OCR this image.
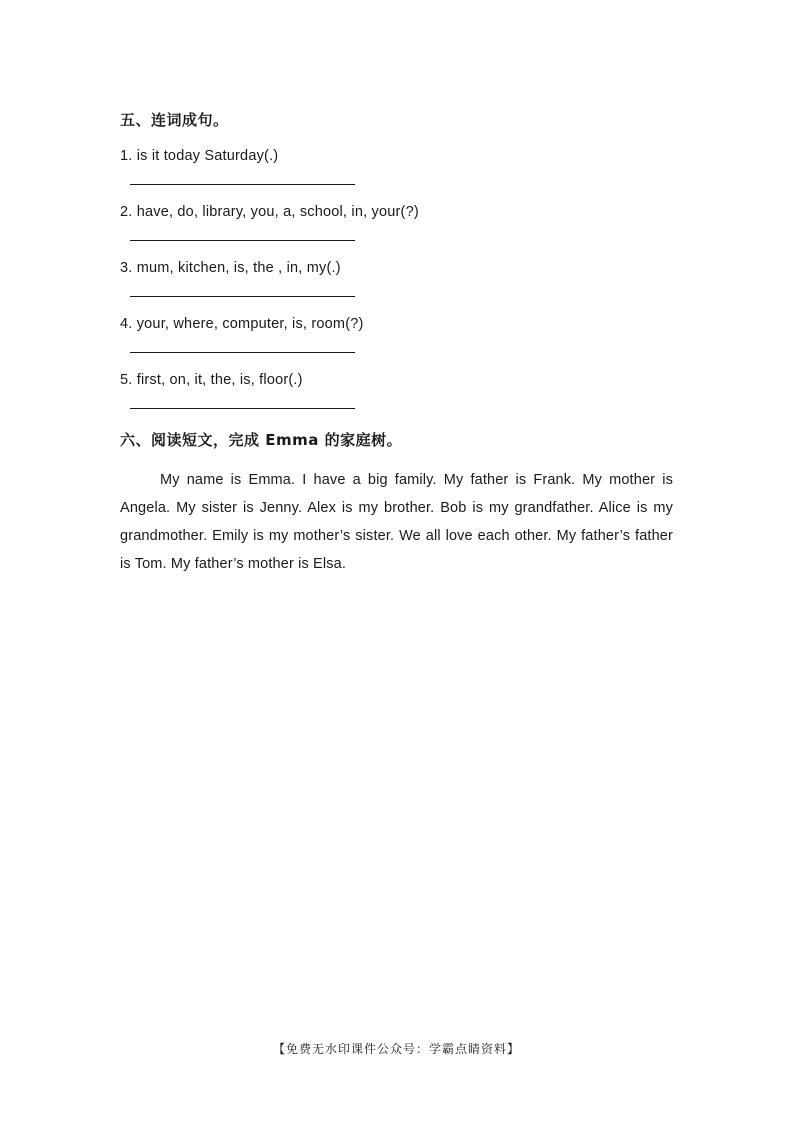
五、连词成句。
1. is it today Saturday(.)
2. have, do, library, you, a, school, in, your(?)
3. mum, kitchen, is, the , in, my(.)
4. your, where, computer, is, room(?)
5. first, on, it, the, is, floor(.)
六、阅读短文，完成 Emma 的家庭树。
My name is Emma. I have a big family. My father is Frank. My mother is Angela. My sister is Jenny. Alex is my brother. Bob is my grandfather. Alice is my grandmother. Emily is my mother’s sister. We all love each other. My father’s father is Tom. My father’s mother is Elsa.
【免费无水印课件公众号：学霸点睛资料】
